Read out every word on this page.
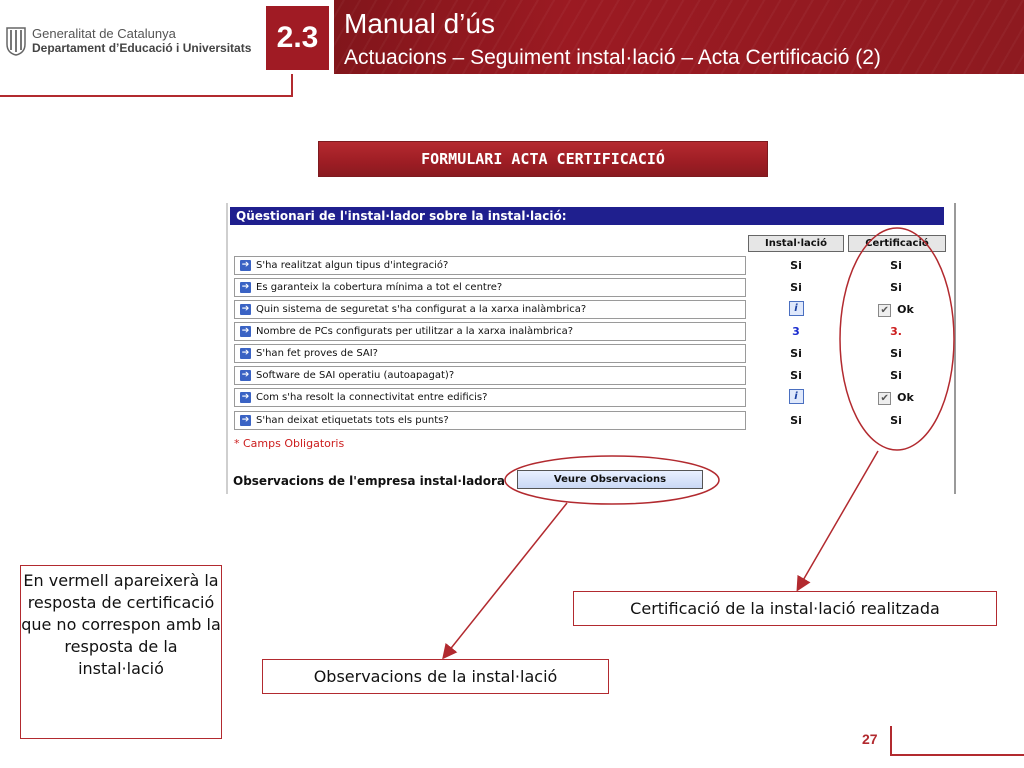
2.3 Manual d’ús
Actuacions – Seguiment instal·lació – Acta Certificació (2)
Generalitat de Catalunya
Departament d’Educació i Universitats
FORMULARI ACTA CERTIFICACIÓ
Qüestionari de l'instal·lador sobre la instal·lació:
Instal·lació	Certificació
➔ S'ha realitzat algun tipus d'integració?	Si	Si
➔ Es garanteix la cobertura mínima a tot el centre?	Si	Si
➔ Quin sistema de seguretat s'ha configurat a la xarxa inalàmbrica?	i	✔ Ok
➔ Nombre de PCs configurats per utilitzar a la xarxa inalàmbrica?	3	3.
➔ S'han fet proves de SAI?	Si	Si
➔ Software de SAI operatiu (autoapagat)?	Si	Si
➔ Com s'ha resolt la connectivitat entre edificis?	i	✔ Ok
➔ S'han deixat etiquetats tots els punts?	Si	Si
* Camps Obligatoris
Observacions de l'empresa instal·ladora	Veure Observacions
En vermell apareixerà la resposta de certificació que no correspon amb la resposta de la instal·lació
Certificació de la instal·lació realitzada
Observacions de la instal·lació
27
